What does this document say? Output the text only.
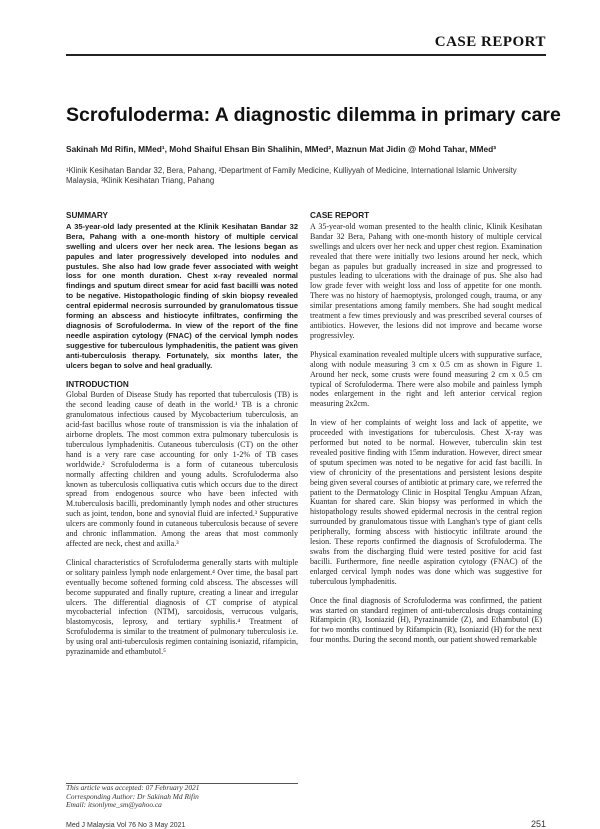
CASE REPORT
Scrofuloderma: A diagnostic dilemma in primary care
Sakinah Md Rifin, MMed¹, Mohd Shaiful Ehsan Bin Shalihin, MMed², Maznun Mat Jidin @ Mohd Tahar, MMed³
¹Klinik Kesihatan Bandar 32, Bera, Pahang, ²Department of Family Medicine, Kulliyyah of Medicine, International Islamic University Malaysia, ³Klinik Kesihatan Triang, Pahang
SUMMARY

A 35-year-old lady presented at the Klinik Kesihatan Bandar 32 Bera, Pahang with a one-month history of multiple cervical swelling and ulcers over her neck area. The lesions began as papules and later progressively developed into nodules and pustules. She also had low grade fever associated with weight loss for one month duration. Chest x-ray revealed normal findings and sputum direct smear for acid fast bacilli was noted to be negative. Histopathologic finding of skin biopsy revealed central epidermal necrosis surrounded by granulomatous tissue forming an abscess and histiocyte infiltrates, confirming the diagnosis of Scrofuloderma. In view of the report of the fine needle aspiration cytology (FNAC) of the cervical lymph nodes suggestive for tuberculous lymphadenitis, the patient was given anti-tuberculosis therapy. Fortunately, six months later, the ulcers began to solve and heal gradually.

INTRODUCTION

Global Burden of Disease Study has reported that tuberculosis (TB) is the second leading cause of death in the world.¹ TB is a chronic granulomatous infectious caused by Mycobacterium tuberculosis, an acid-fast bacillus whose route of transmission is via the inhalation of airborne droplets. The most common extra pulmonary tuberculosis is tuberculous lymphadenitis. Cutaneous tuberculosis (CT) on the other hand is a very rare case accounting for only 1-2% of TB cases worldwide.² Scrofuloderma is a form of cutaneous tuberculosis normally affecting children and young adults. Scrofuloderma also known as tuberculosis colliquativa cutis which occurs due to the direct spread from endogenous source who have been infected with M.tuberculosis bacilli, predominantly lymph nodes and other structures such as joint, tendon, bone and synovial fluid are infected.³ Suppurative ulcers are commonly found in cutaneous tuberculosis because of severe and chronic inflammation. Among the areas that most commonly affected are neck, chest and axilla.³

Clinical characteristics of Scrofuloderma generally starts with multiple or solitary painless lymph node enlargement.⁴ Over time, the basal part eventually become softened forming cold abscess. The abscesses will become suppurated and finally rupture, creating a linear and irregular ulcers. The differential diagnosis of CT comprise of atypical mycobacterial infection (NTM), sarcoidosis, verrucous vulgaris, blastomycosis, leprosy, and tertiary syphilis.⁴ Treatment of Scrofuloderma is similar to the treatment of pulmonary tuberculosis i.e. by using oral anti-tuberculosis regimen containing isoniazid, rifampicin, pyrazinamide and ethambutol.⁵

CASE REPORT

A 35-year-old woman presented to the health clinic, Klinik Kesihatan Bandar 32 Bera, Pahang with one-month history of multiple cervical swellings and ulcers over her neck and upper chest region. Examination revealed that there were initially two lesions around her neck, which began as papules but gradually increased in size and progressed to pustules leading to ulcerations with the drainage of pus. She also had low grade fever with weight loss and loss of appetite for one month. There was no history of haemoptysis, prolonged cough, trauma, or any similar presentations among family members. She had sought medical treatment a few times previously and was prescribed several courses of antibiotics. However, the lesions did not improve and became worse progressivley.

Physical examination revealed multiple ulcers with suppurative surface, along with nodule measuring 3 cm x 0.5 cm as shown in Figure 1. Around her neck, some crusts were found measuring 2 cm x 0.5 cm typical of Scrofuloderma. There were also mobile and painless lymph nodes enlargement in the right and left anterior cervical region measuring 2x2cm.

In view of her complaints of weight loss and lack of appetite, we proceeded with investigations for tuberculosis. Chest X-ray was performed but noted to be normal. However, tuberculin skin test revealed positive finding with 15mm induration. However, direct smear of sputum specimen was noted to be negative for acid fast bacilli. In view of chronicity of the presentations and persistent lesions despite being given several courses of antibiotic at primary care, we referred the patient to the Dermatology Clinic in Hospital Tengku Ampuan Afzan, Kuantan for shared care. Skin biopsy was performed in which the histopathology results showed epidermal necrosis in the central region surrounded by granulomatous tissue with Langhan's type of giant cells peripherally, forming abscess with histiocytic infiltrate around the lesion. These reports confirmed the diagnosis of Scrofuloderma. The swabs from the discharging fluid were tested positive for acid fast bacilli. Furthermore, fine needle aspiration cytology (FNAC) of the enlarged cervical lymph nodes was done which was suggestive for tuberculous lymphadenitis.

Once the final diagnosis of Scrofuloderma was confirmed, the patient was started on standard regimen of anti-tuberculosis drugs containing Rifampicin (R), Isoniazid (H), Pyrazinamide (Z), and Ethambutol (E) for two months continued by Rifampicin (R), Isoniazid (H) for the next four months. During the second month, our patient showed remarkable

This article was accepted: 07 February 2021
Corresponding Author: Dr Sakinah Md Rifin
Email: itsonlyme_sm@yahoo.ca
Med J Malaysia Vol 76 No 3 May 2021	251
